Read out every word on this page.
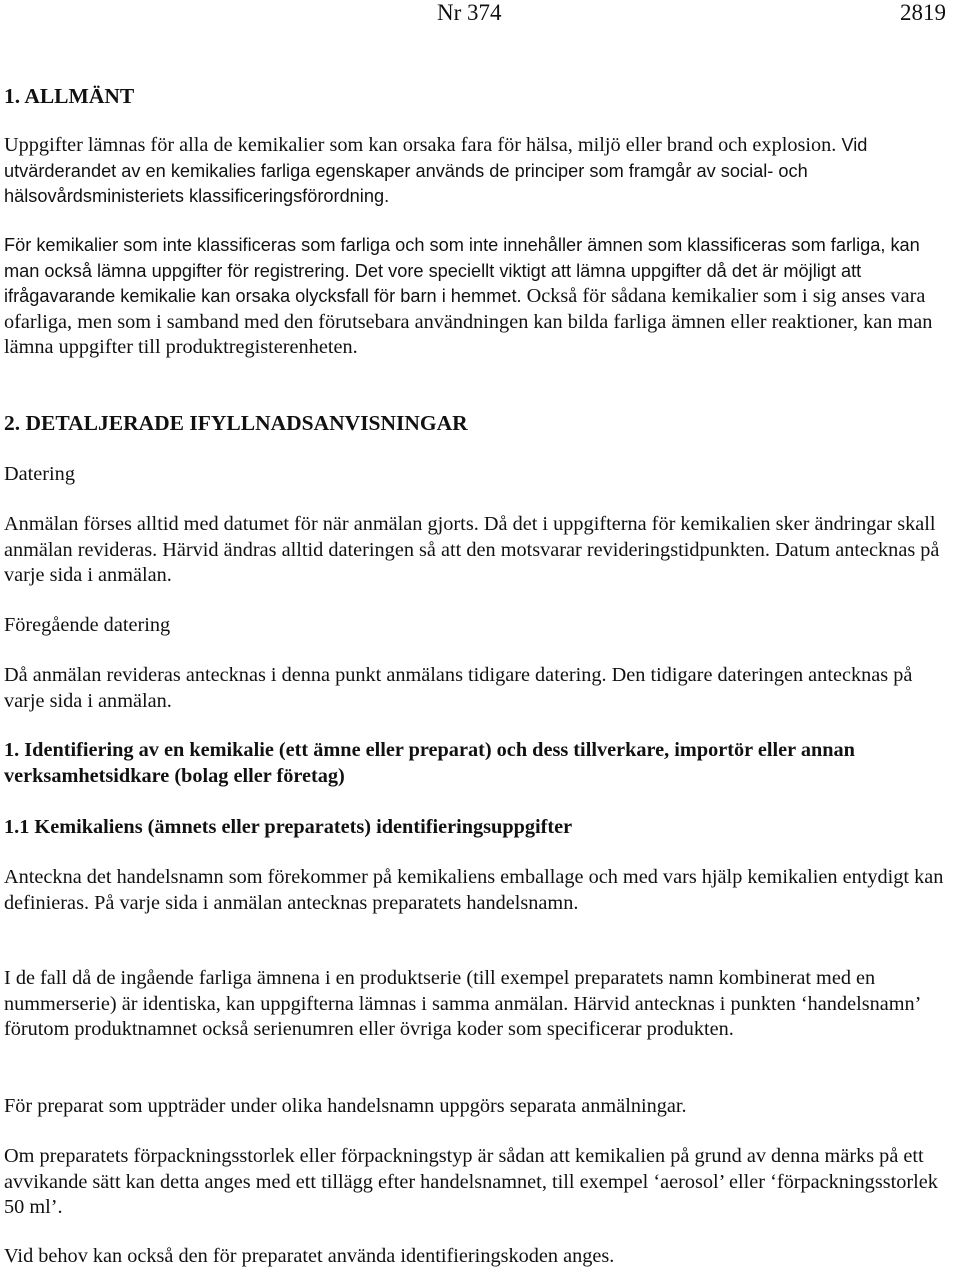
Nr 374	2819
1. ALLMÄNT

Uppgifter lämnas för alla de kemikalier som kan orsaka fara för hälsa, miljö eller brand och explosion. Vid utvärderandet av en kemikalies farliga egenskaper används de principer som framgår av social- och hälsovårdsministeriets klassificeringsförordning.

För kemikalier som inte klassificeras som farliga och som inte innehåller ämnen som klassificeras som farliga, kan man också lämna uppgifter för registrering. Det vore speciellt viktigt att lämna uppgifter då det är möjligt att ifrågavarande kemikalie kan orsaka olycksfall för barn i hemmet. Också för sådana kemikalier som i sig anses vara ofarliga, men som i samband med den förutsebara användningen kan bilda farliga ämnen eller reaktioner, kan man lämna uppgifter till produktregisterenheten.

2. DETALJERADE IFYLLNADSANVISNINGAR

Datering

Anmälan förses alltid med datumet för när anmälan gjorts. Då det i uppgifterna för kemikalien sker ändringar skall anmälan revideras. Härvid ändras alltid dateringen så att den motsvarar revideringstidpunkten. Datum antecknas på varje sida i anmälan.

Föregående datering

Då anmälan revideras antecknas i denna punkt anmälans tidigare datering. Den tidigare dateringen antecknas på varje sida i anmälan.

1. Identifiering av en kemikalie (ett ämne eller preparat) och dess tillverkare, importör eller annan verksamhetsidkare (bolag eller företag)
1.1 Kemikaliens (ämnets eller preparatets) identifieringsuppgifter

Anteckna det handelsnamn som förekommer på kemikaliens emballage och med vars hjälp kemikalien entydigt kan definieras. På varje sida i anmälan antecknas preparatets handelsnamn.

I de fall då de ingående farliga ämnena i en produktserie (till exempel preparatets namn kombinerat med en nummerserie) är identiska, kan uppgifterna lämnas i samma anmälan. Härvid antecknas i punkten ‘handelsnamn’ förutom produktnamnet också serienumren eller övriga koder som specificerar produkten.

För preparat som uppträder under olika handelsnamn uppgörs separata anmälningar.

Om preparatets förpackningsstorlek eller förpackningstyp är sådan att kemikalien på grund av denna märks på ett avvikande sätt kan detta anges med ett tillägg efter handelsnamnet, till exempel ‘aerosol’ eller ‘förpackningsstorlek 50 ml’.

Vid behov kan också den för preparatet använda identifieringskoden anges.
